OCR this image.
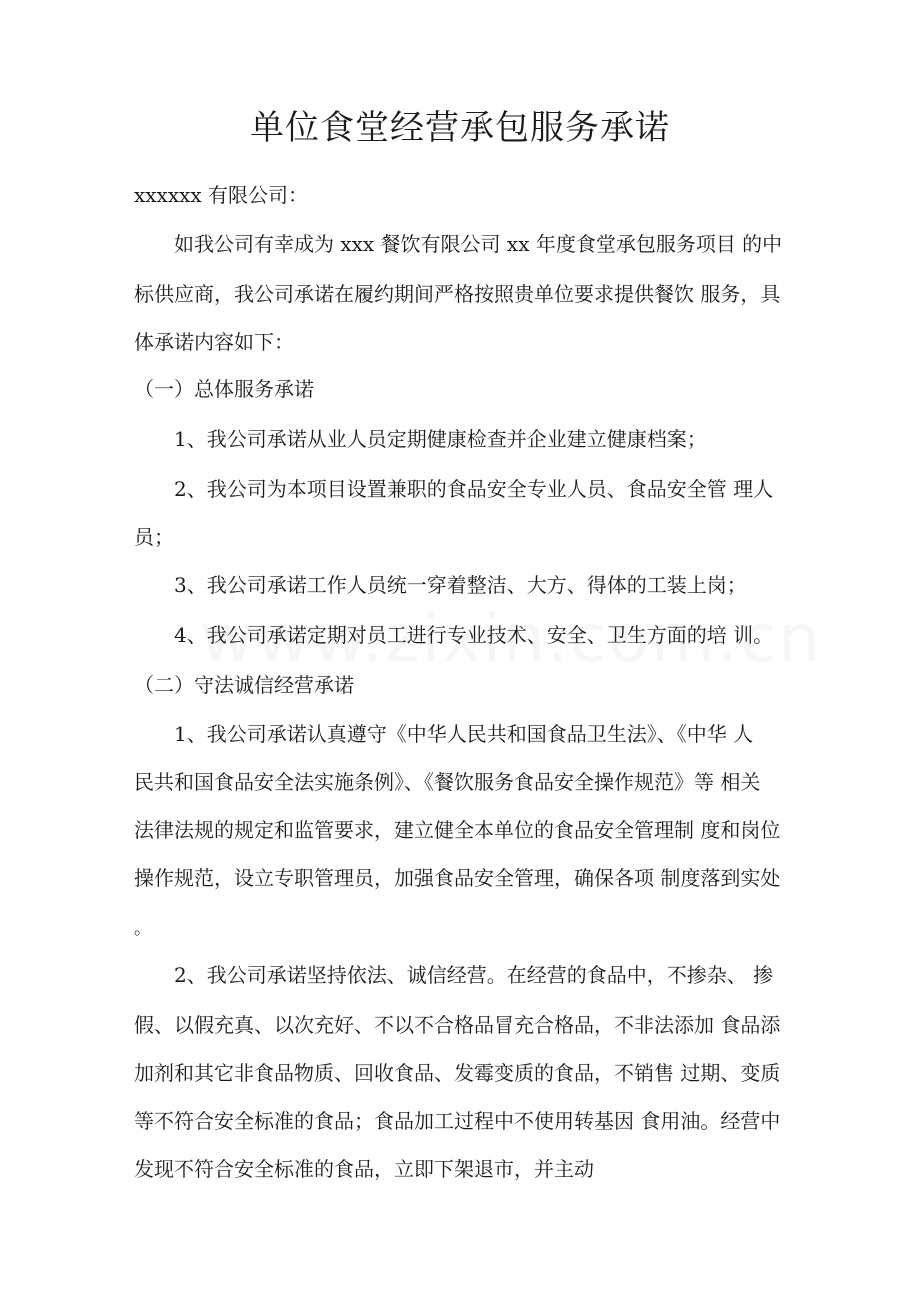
单位食堂经营承包服务承诺
xxxxxx 有限公司：
如我公司有幸成为 xxx 餐饮有限公司 xx 年度食堂承包服务项目 的中
标供应商，我公司承诺在履约期间严格按照贵单位要求提供餐饮 服务，具
体承诺内容如下：
（一）总体服务承诺
1、我公司承诺从业人员定期健康检查并企业建立健康档案；
2、我公司为本项目设置兼职的食品安全专业人员、食品安全管 理人
员；
3、我公司承诺工作人员统一穿着整洁、大方、得体的工装上岗；
4、我公司承诺定期对员工进行专业技术、安全、卫生方面的培 训。
（二）守法诚信经营承诺
1、我公司承诺认真遵守《中华人民共和国食品卫生法》、《中华 人
民共和国食品安全法实施条例》、《餐饮服务食品安全操作规范》等 相关
法律法规的规定和监管要求，建立健全本单位的食品安全管理制 度和岗位
操作规范，设立专职管理员，加强食品安全管理，确保各项 制度落到实处
。
2、我公司承诺坚持依法、诚信经营。在经营的食品中，不掺杂、 掺
假、以假充真、以次充好、不以不合格品冒充合格品，不非法添加 食品添
加剂和其它非食品物质、回收食品、发霉变质的食品，不销售 过期、变质
等不符合安全标准的食品；食品加工过程中不使用转基因 食用油。经营中
发现不符合安全标准的食品，立即下架退市，并主动
